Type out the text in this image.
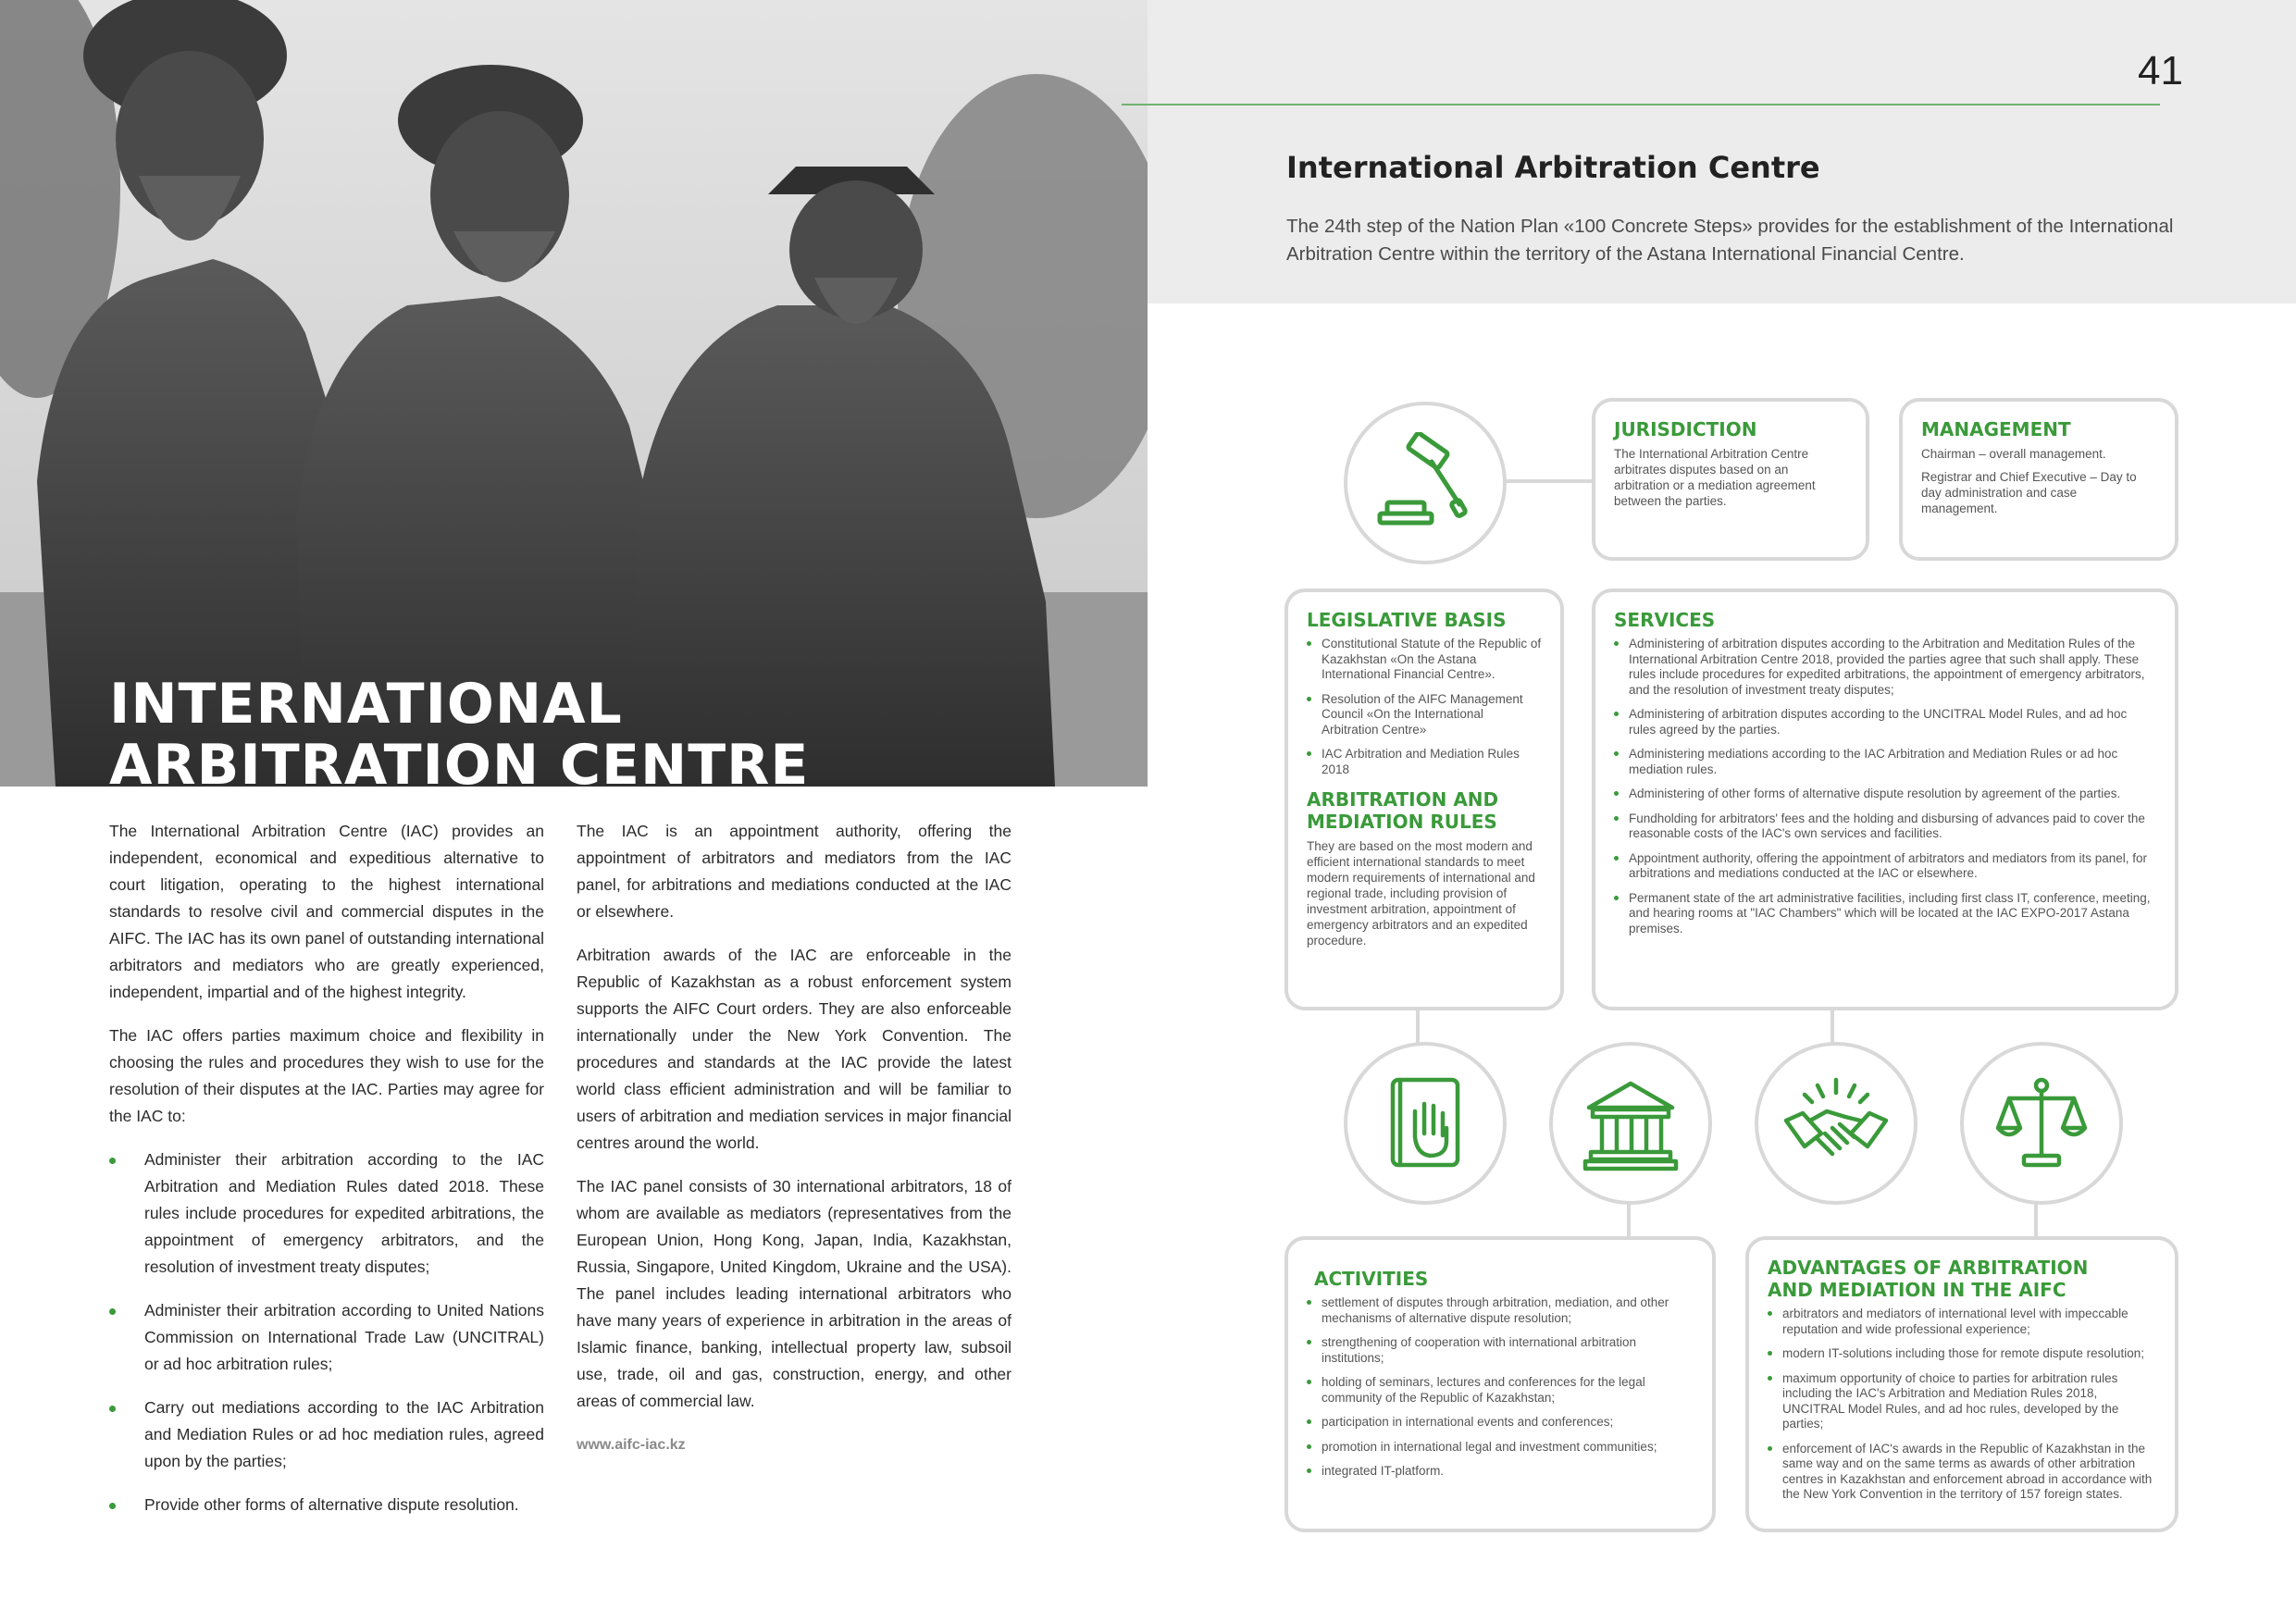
INTERNATIONAL
ARBITRATION CENTRE

The International Arbitration Centre (IAC) provides an independent, economical and expeditious alternative to court litigation, operating to the highest international standards to resolve civil and commercial disputes in the AIFC. The IAC has its own panel of outstanding international arbitrators and mediators who are greatly experienced, independent, impartial and of the highest integrity.

The IAC offers parties maximum choice and flexibility in choosing the rules and procedures they wish to use for the resolution of their disputes at the IAC. Parties may agree for the IAC to:

Administer their arbitration according to the IAC Arbitration and Mediation Rules dated 2018. These rules include procedures for expedited arbitrations, the appointment of emergency arbitrators, and the resolution of investment treaty disputes;
Administer their arbitration according to United Nations Commission on International Trade Law (UNCITRAL) or ad hoc arbitration rules;
Carry out mediations according to the IAC Arbitration and Mediation Rules or ad hoc mediation rules, agreed upon by the parties;
Provide other forms of alternative dispute resolution.

The IAC is an appointment authority, offering the appointment of arbitrators and mediators from the IAC panel, for arbitrations and mediations conducted at the IAC or elsewhere.

Arbitration awards of the IAC are enforceable in the Republic of Kazakhstan as a robust enforcement system supports the AIFC Court orders. They are also enforceable internationally under the New York Convention. The procedures and standards at the IAC provide the latest world class efficient administration and will be familiar to users of arbitration and mediation services in major financial centres around the world.

The IAC panel consists of 30 international arbitrators, 18 of whom are available as mediators (representatives from the European Union, Hong Kong, Japan, India, Kazakhstan, Russia, Singapore, United Kingdom, Ukraine and the USA). The panel includes leading international arbitrators who have many years of experience in arbitration in the areas of Islamic finance, banking, intellectual property law, subsoil use, trade, oil and gas, construction, energy, and other areas of commercial law.

www.aifc-iac.kz

41
International Arbitration Centre
The 24th step of the Nation Plan «100 Concrete Steps» provides for the establishment of the International Arbitration Centre within the territory of the Astana International Financial Centre.
JURISDICTION
The International Arbitration Centre arbitrates disputes based on an arbitration or a mediation agreement between the parties.
MANAGEMENT

Chairman – overall management.

Registrar and Chief Executive – Day to day administration and case management.

LEGISLATIVE BASIS
Constitutional Statute of the Republic of Kazakhstan «On the Astana International Financial Centre».
Resolution of the AIFC Management Council «On the International Arbitration Centre»
IAC Arbitration and Mediation Rules 2018
ARBITRATION AND
MEDIATION RULES
They are based on the most modern and efficient international standards to meet modern requirements of international and regional trade, including provision of investment arbitration, appointment of emergency arbitrators and an expedited procedure.
SERVICES
Administering of arbitration disputes according to the Arbitration and Meditation Rules of the International Arbitration Centre 2018, provided the parties agree that such shall apply. These rules include procedures for expedited arbitrations, the appointment of emergency arbitrators, and the resolution of investment treaty disputes;
Administering of arbitration disputes according to the UNCITRAL Model Rules, and ad hoc rules agreed by the parties.
Administering mediations according to the IAC Arbitration and Mediation Rules or ad hoc mediation rules.
Administering of other forms of alternative dispute resolution by agreement of the parties.
Fundholding for arbitrators' fees and the holding and disbursing of advances paid to cover the reasonable costs of the IAC's own services and facilities.
Appointment authority, offering the appointment of arbitrators and mediators from its panel, for arbitrations and mediations conducted at the IAC or elsewhere.
Permanent state of the art administrative facilities, including first class IT, conference, meeting, and hearing rooms at "IAC Chambers" which will be located at the IAC EXPO-2017 Astana premises.
ACTIVITIES
settlement of disputes through arbitration, mediation, and other mechanisms of alternative dispute resolution;
strengthening of cooperation with international arbitration institutions;
holding of seminars, lectures and conferences for the legal community of the Republic of Kazakhstan;
participation in international events and conferences;
promotion in international legal and investment communities;
integrated IT-platform.
ADVANTAGES OF ARBITRATION
AND MEDIATION IN THE AIFC
arbitrators and mediators of international level with impeccable reputation and wide professional experience;
modern IT-solutions including those for remote dispute resolution;
maximum opportunity of choice to parties for arbitration rules including the IAC's Arbitration and Mediation Rules 2018, UNCITRAL Model Rules, and ad hoc rules, developed by the parties;
enforcement of IAC's awards in the Republic of Kazakhstan in the same way and on the same terms as awards of other arbitration centres in Kazakhstan and enforcement abroad in accordance with the New York Convention in the territory of 157 foreign states.
